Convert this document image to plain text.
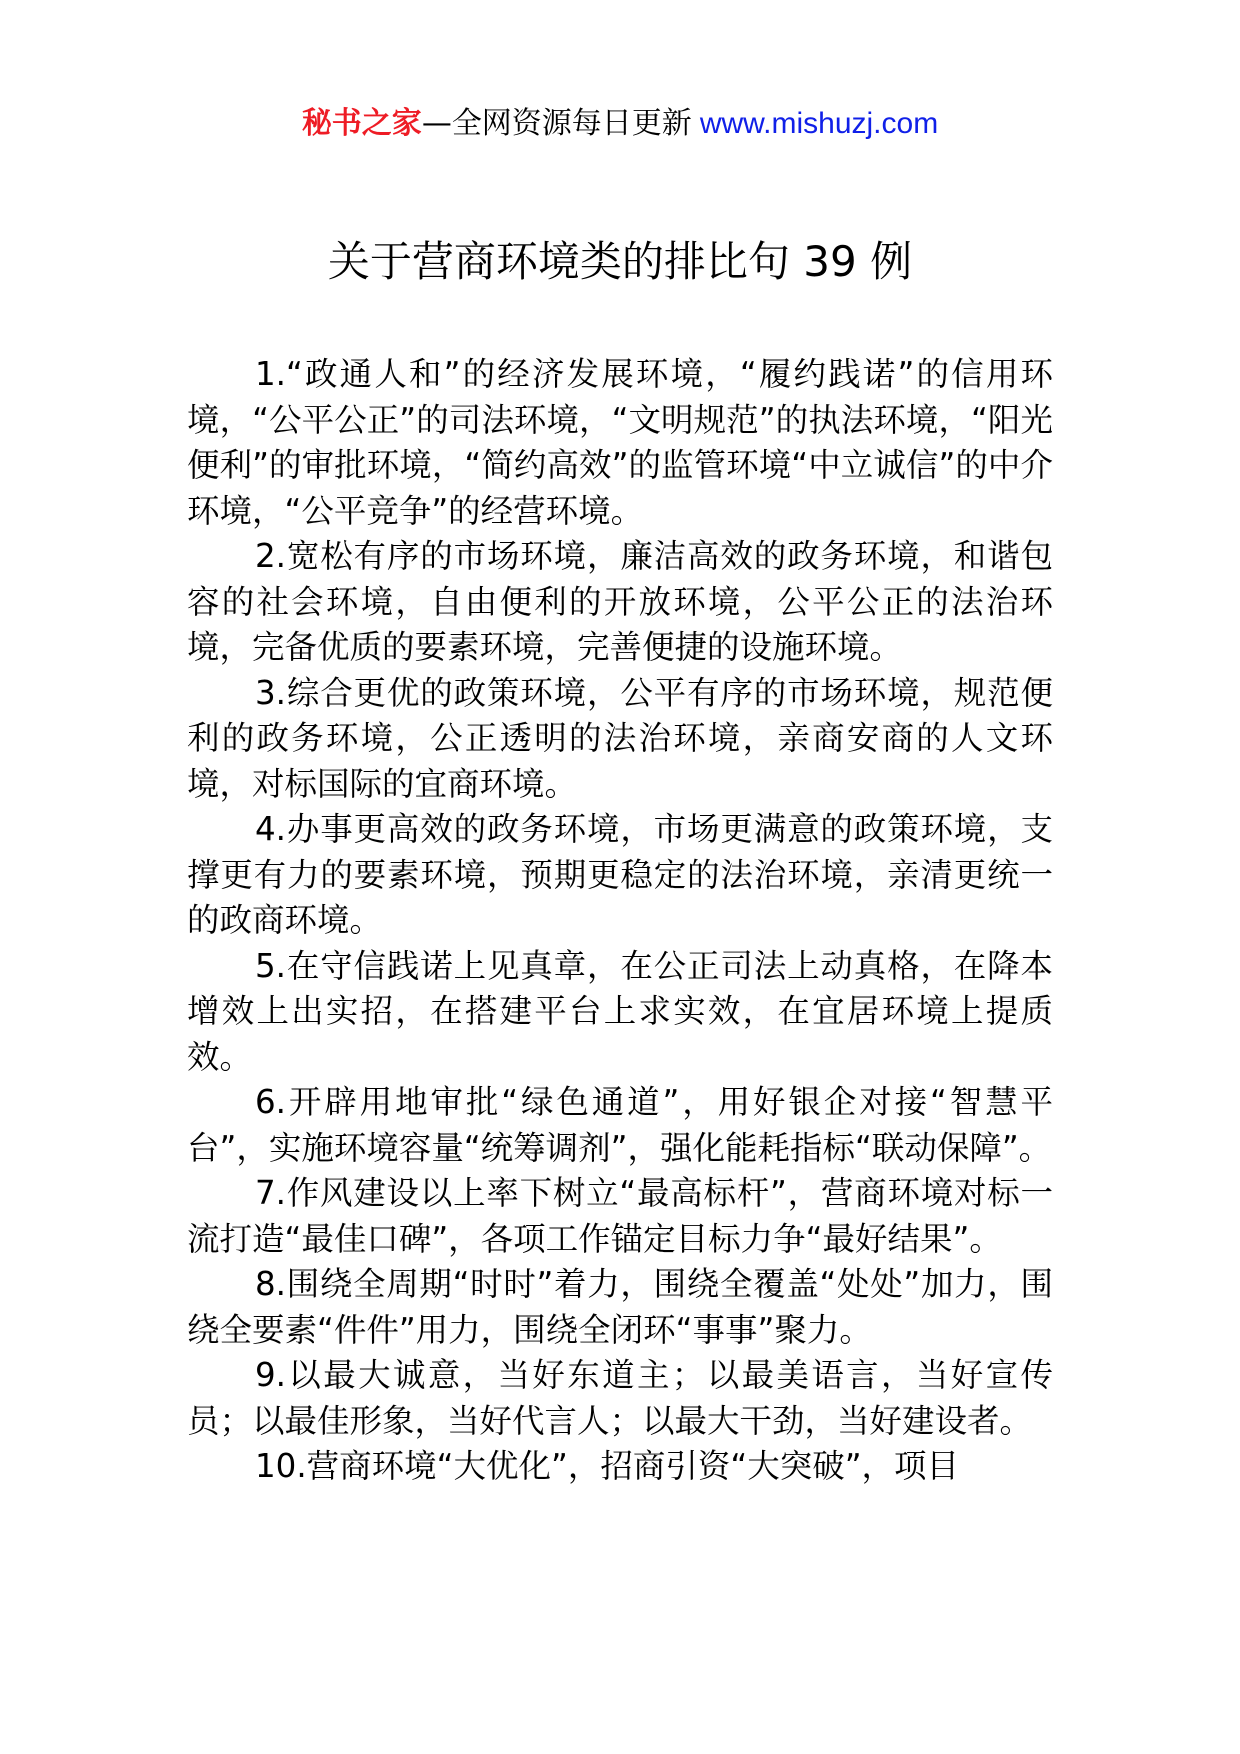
秘书之家—全网资源每日更新 www.mishuzj.com
关于营商环境类的排比句 39 例

1.“政通人和”的经济发展环境，“履约践诺”的信用环境，“公平公正”的司法环境，“文明规范”的执法环境，“阳光便利”的审批环境，“简约高效”的监管环境“中立诚信”的中介环境，“公平竞争”的经营环境。

2.宽松有序的市场环境，廉洁高效的政务环境，和谐包容的社会环境，自由便利的开放环境，公平公正的法治环境，完备优质的要素环境，完善便捷的设施环境。

3.综合更优的政策环境，公平有序的市场环境，规范便利的政务环境，公正透明的法治环境，亲商安商的人文环境，对标国际的宜商环境。

4.办事更高效的政务环境，市场更满意的政策环境，支撑更有力的要素环境，预期更稳定的法治环境，亲清更统一的政商环境。

5.在守信践诺上见真章，在公正司法上动真格，在降本增效上出实招，在搭建平台上求实效，在宜居环境上提质效。

6.开辟用地审批“绿色通道”，用好银企对接“智慧平台”，实施环境容量“统筹调剂”，强化能耗指标“联动保障”。

7.作风建设以上率下树立“最高标杆”，营商环境对标一流打造“最佳口碑”，各项工作锚定目标力争“最好结果”。

8.围绕全周期“时时”着力，围绕全覆盖“处处”加力，围绕全要素“件件”用力，围绕全闭环“事事”聚力。

9.以最大诚意，当好东道主；以最美语言，当好宣传员；以最佳形象，当好代言人；以最大干劲，当好建设者。

10.营商环境“大优化”，招商引资“大突破”，项目
